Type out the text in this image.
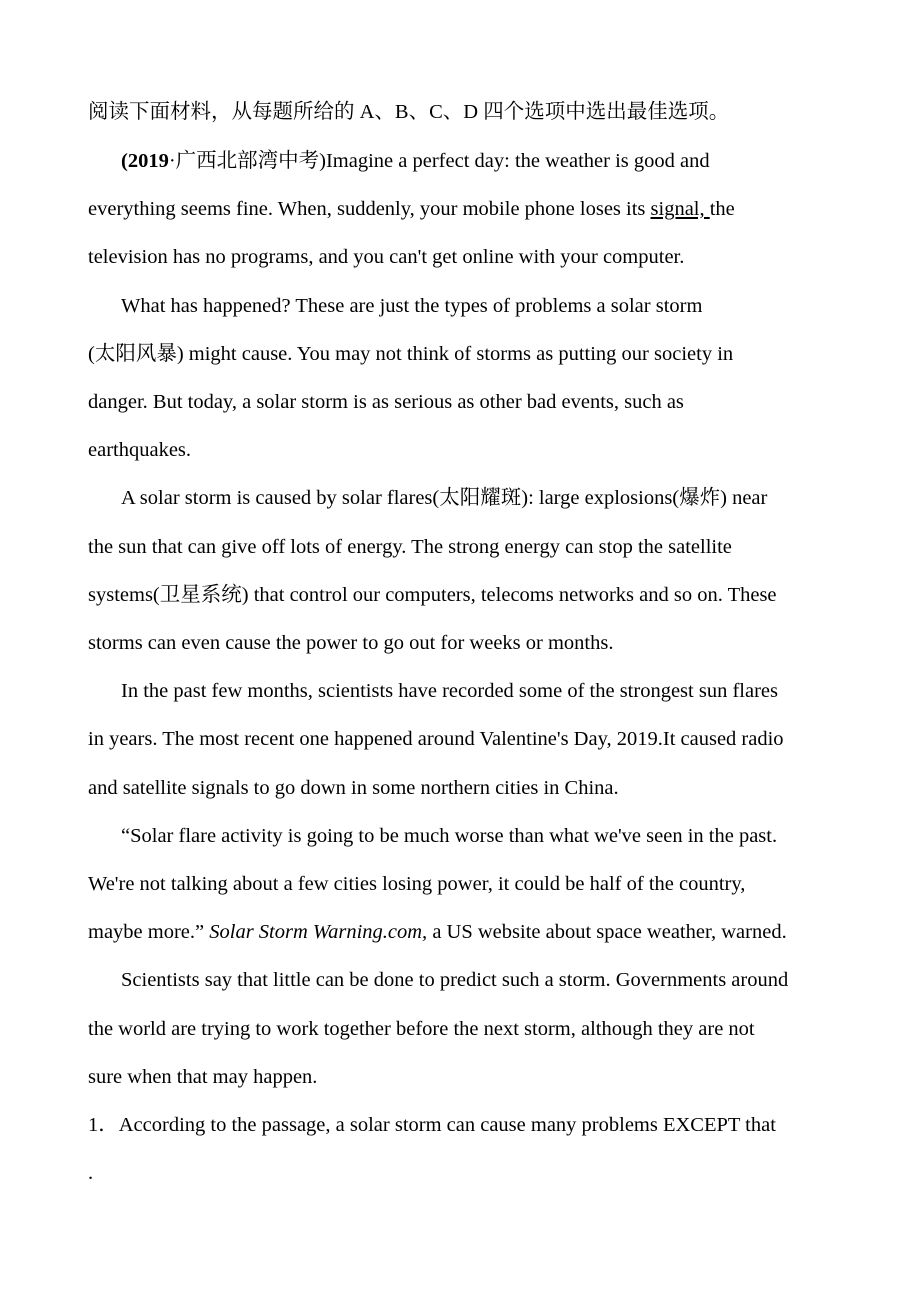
阅读下面材料，从每题所给的 A、B、C、D 四个选项中选出最佳选项。
(2019·广西北部湾中考)Imagine a perfect day: the weather is good and
everything seems fine. When, suddenly, your mobile phone loses its signal, the
television has no programs, and you can't get online with your computer.
What has happened? These are just the types of problems a solar storm
(太阳风暴) might cause. You may not think of storms as putting our society in
danger. But today, a solar storm is as serious as other bad events, such as
earthquakes.
A solar storm is caused by solar flares(太阳耀斑): large explosions(爆炸) near
the sun that can give off lots of energy. The strong energy can stop the satellite
systems(卫星系统) that control our computers, telecoms networks and so on. These
storms can even cause the power to go out for weeks or months.
In the past few months, scientists have recorded some of the strongest sun flares
in years. The most recent one happened around Valentine's Day, 2019.It caused radio
and satellite signals to go down in some northern cities in China.
“Solar flare activity is going to be much worse than what we've seen in the past.
We're not talking about a few cities losing power, it could be half of the country,
maybe more.” Solar Storm Warning.com, a US website about space weather, warned.
Scientists say that little can be done to predict such a storm. Governments around
the world are trying to work together before the next storm, although they are not
sure when that may happen.
1．According to the passage, a solar storm can cause many problems EXCEPT that
.
